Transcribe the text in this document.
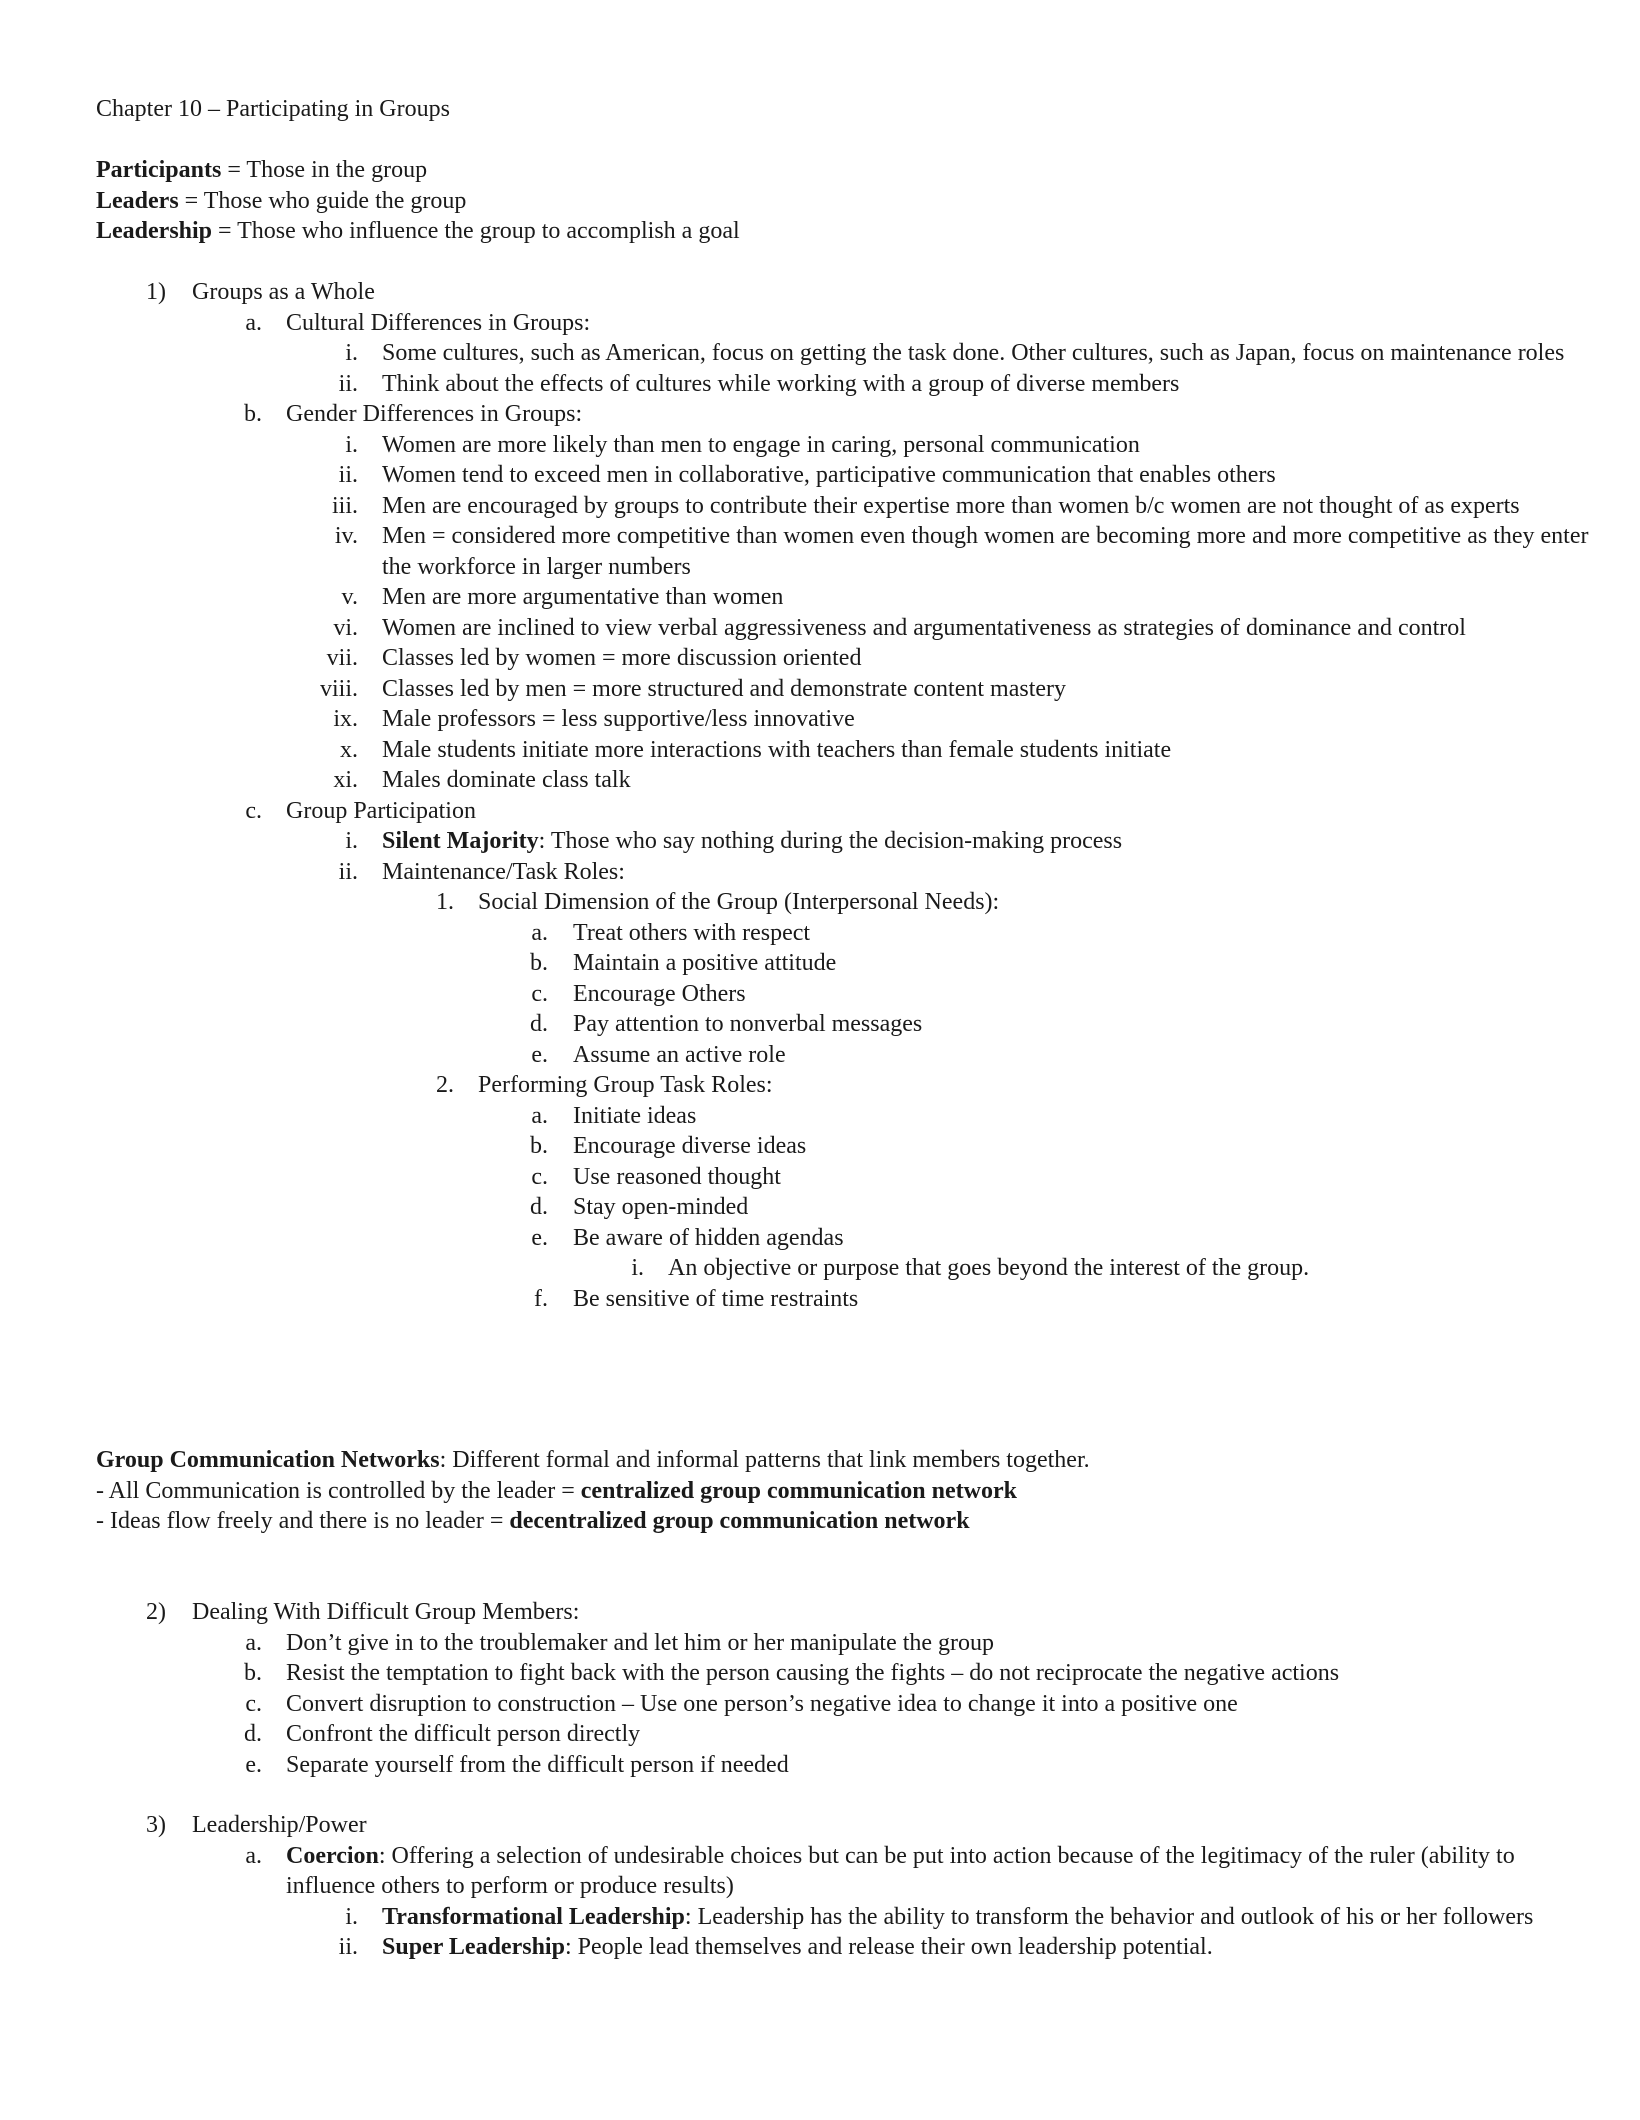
Chapter 10 – Participating in Groups
Participants = Those in the group
Leaders = Those who guide the group
Leadership = Those who influence the group to accomplish a goal
1) Groups as a Whole
a. Cultural Differences in Groups:
i. Some cultures, such as American, focus on getting the task done. Other cultures, such as Japan, focus on maintenance roles
ii. Think about the effects of cultures while working with a group of diverse members
b. Gender Differences in Groups:
i. Women are more likely than men to engage in caring, personal communication
ii. Women tend to exceed men in collaborative, participative communication that enables others
iii. Men are encouraged by groups to contribute their expertise more than women b/c women are not thought of as experts
iv. Men = considered more competitive than women even though women are becoming more and more competitive as they enter the workforce in larger numbers
v. Men are more argumentative than women
vi. Women are inclined to view verbal aggressiveness and argumentativeness as strategies of dominance and control
vii. Classes led by women = more discussion oriented
viii. Classes led by men = more structured and demonstrate content mastery
ix. Male professors = less supportive/less innovative
x. Male students initiate more interactions with teachers than female students initiate
xi. Males dominate class talk
c. Group Participation
i. Silent Majority: Those who say nothing during the decision-making process
ii. Maintenance/Task Roles:
1. Social Dimension of the Group (Interpersonal Needs):
a. Treat others with respect
b. Maintain a positive attitude
c. Encourage Others
d. Pay attention to nonverbal messages
e. Assume an active role
2. Performing Group Task Roles:
a. Initiate ideas
b. Encourage diverse ideas
c. Use reasoned thought
d. Stay open-minded
e. Be aware of hidden agendas
i. An objective or purpose that goes beyond the interest of the group.
f. Be sensitive of time restraints
Group Communication Networks: Different formal and informal patterns that link members together.
- All Communication is controlled by the leader = centralized group communication network
- Ideas flow freely and there is no leader = decentralized group communication network
2) Dealing With Difficult Group Members:
a. Don’t give in to the troublemaker and let him or her manipulate the group
b. Resist the temptation to fight back with the person causing the fights – do not reciprocate the negative actions
c. Convert disruption to construction – Use one person’s negative idea to change it into a positive one
d. Confront the difficult person directly
e. Separate yourself from the difficult person if needed
3) Leadership/Power
a. Coercion: Offering a selection of undesirable choices but can be put into action because of the legitimacy of the ruler (ability to influence others to perform or produce results)
i. Transformational Leadership: Leadership has the ability to transform the behavior and outlook of his or her followers
ii. Super Leadership: People lead themselves and release their own leadership potential.
